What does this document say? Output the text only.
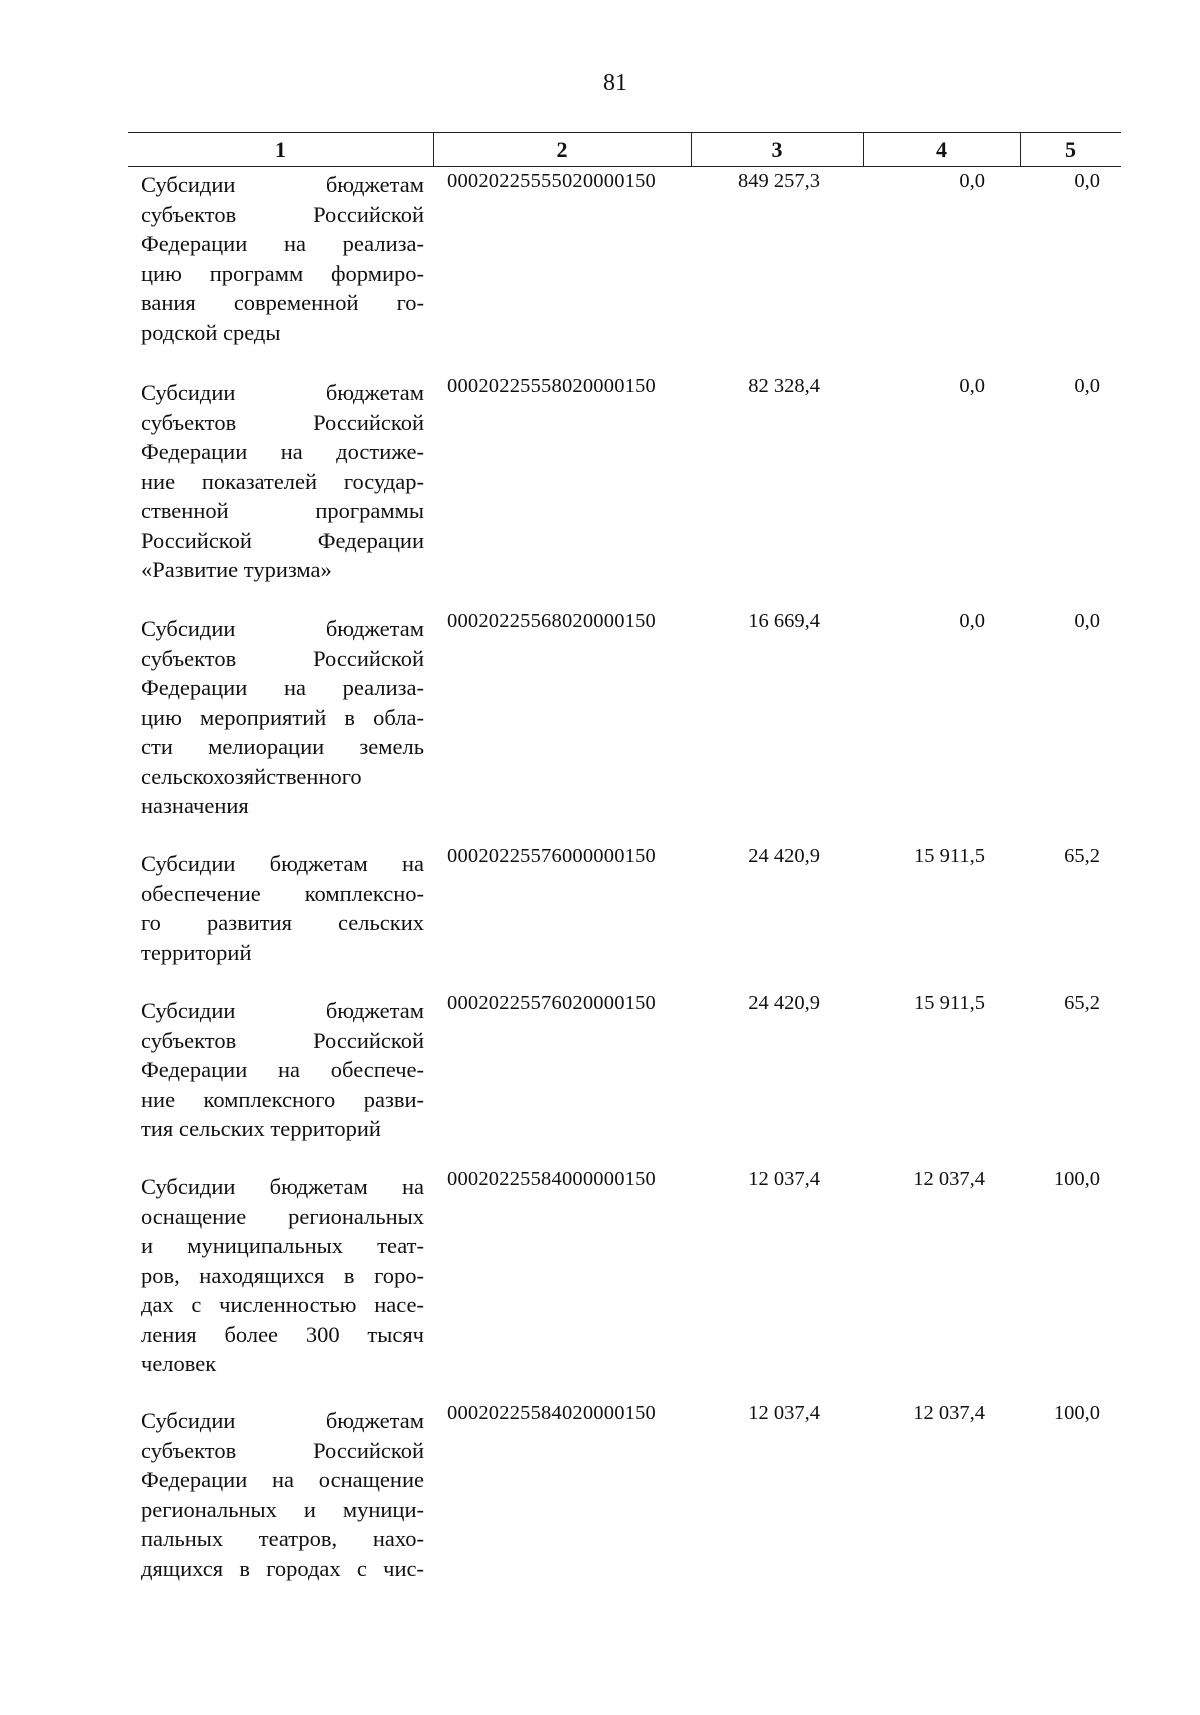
81
1	2	3	4	5
Субсидии бюджетам
субъектов Российской
Федерации на реализа-
цию программ формиро-
вания современной го-
родской среды
00020225555020000150	849 257,3	0,0	0,0
Субсидии бюджетам
субъектов Российской
Федерации на достиже-
ние показателей государ-
ственной программы
Российской Федерации
«Развитие туризма»
00020225558020000150	82 328,4	0,0	0,0
Субсидии бюджетам
субъектов Российской
Федерации на реализа-
цию мероприятий в обла-
сти мелиорации земель
сельскохозяйственного
назначения
00020225568020000150	16 669,4	0,0	0,0
Субсидии бюджетам на
обеспечение комплексно-
го развития сельских
территорий
00020225576000000150	24 420,9	15 911,5	65,2
Субсидии бюджетам
субъектов Российской
Федерации на обеспече-
ние комплексного разви-
тия сельских территорий
00020225576020000150	24 420,9	15 911,5	65,2
Субсидии бюджетам на
оснащение региональных
и муниципальных теат-
ров, находящихся в горо-
дах с численностью насе-
ления более 300 тысяч
человек
00020225584000000150	12 037,4	12 037,4	100,0
Субсидии бюджетам
субъектов Российской
Федерации на оснащение
региональных и муници-
пальных театров, нахо-
дящихся в городах с чис-
00020225584020000150	12 037,4	12 037,4	100,0
